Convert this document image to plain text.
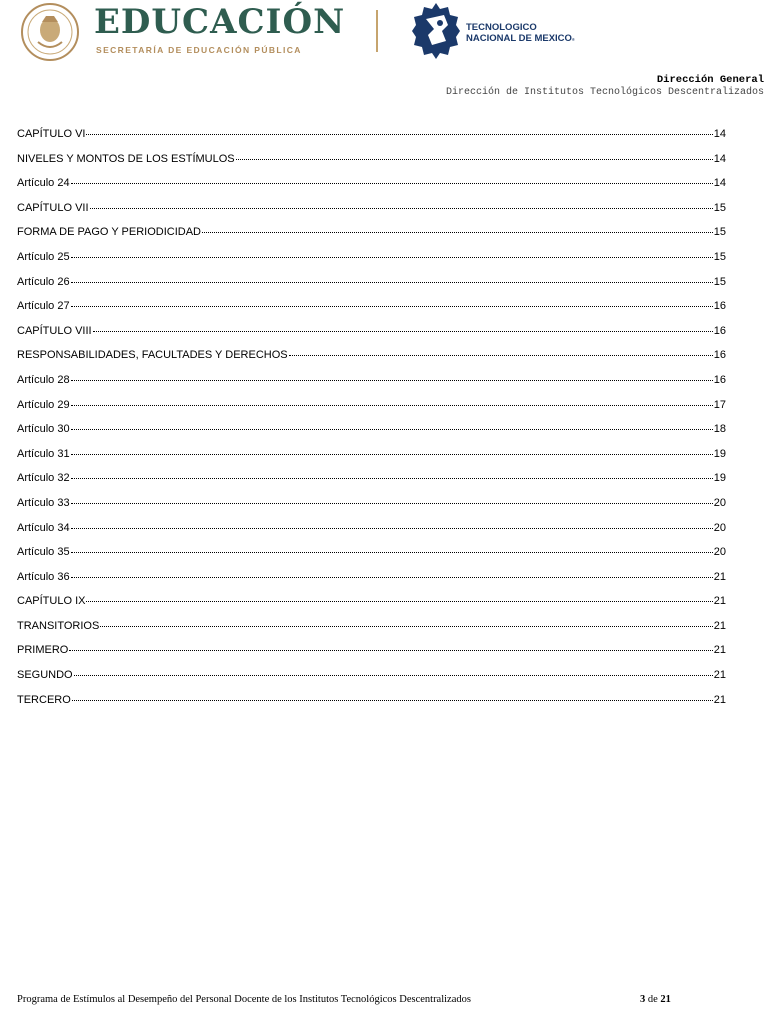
EDUCACIÓN
SECRETARÍA DE EDUCACIÓN PÚBLICA
TECNOLOGICO
NACIONAL DE MEXICO®
Dirección General
Dirección de Institutos Tecnológicos Descentralizados
CAPÍTULO VI	14
NIVELES Y MONTOS DE LOS ESTÍMULOS	14
Artículo 24	14
CAPÍTULO VII	15
FORMA DE PAGO Y PERIODICIDAD	15
Artículo 25	15
Artículo 26	15
Artículo 27	16
CAPÍTULO VIII	16
RESPONSABILIDADES, FACULTADES Y DERECHOS	16
Artículo 28	16
Artículo 29	17
Artículo 30	18
Artículo 31	19
Artículo 32	19
Artículo 33	20
Artículo 34	20
Artículo 35	20
Artículo 36	21
CAPÍTULO IX	21
TRANSITORIOS	21
PRIMERO	21
SEGUNDO	21
TERCERO	21
Programa de Estímulos al Desempeño del Personal Docente de los Institutos Tecnológicos Descentralizados	3 de 21
